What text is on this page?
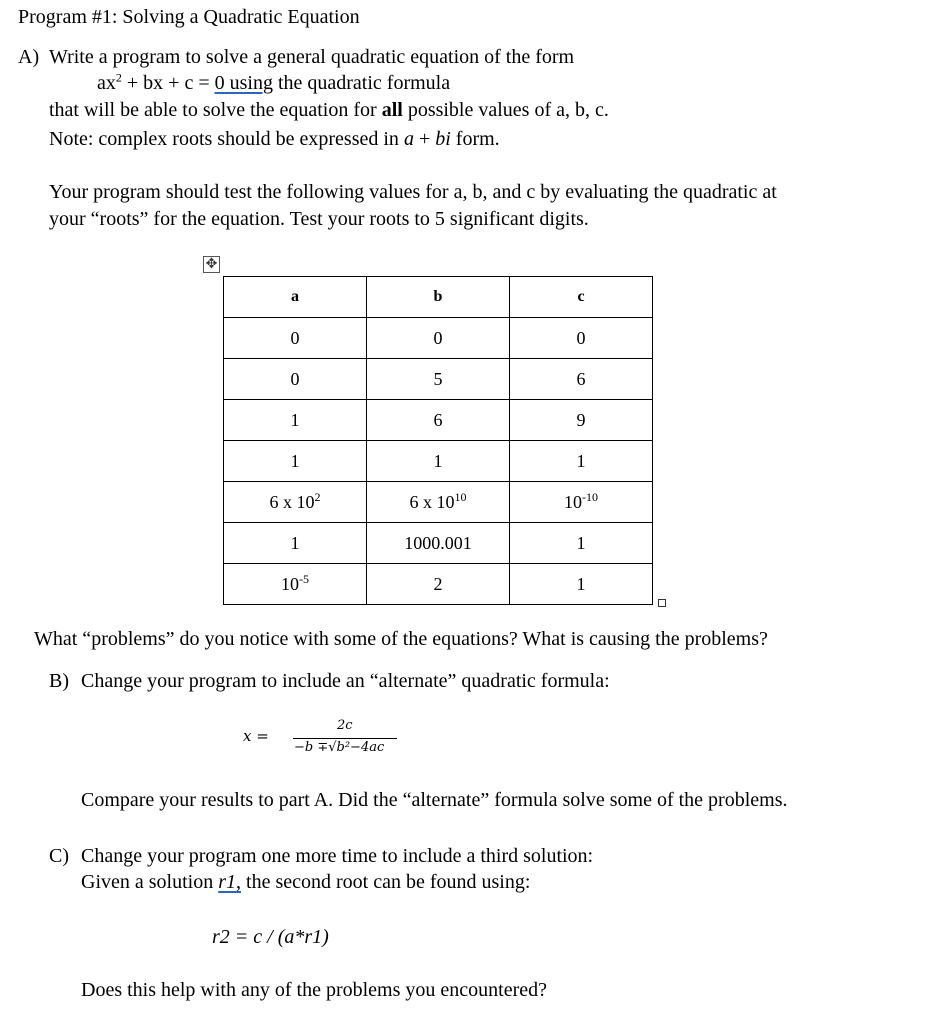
Program #1: Solving a Quadratic Equation
A) Write a program to solve a general quadratic equation of the form
$ax^2$ + bx + c = 0 using the quadratic formula
that will be able to solve the equation for all possible values of a, b, c.
Note: complex roots should be expressed in a + bi form.
Your program should test the following values for a, b, and c by evaluating the quadratic at
your “roots” for the equation. Test your roots to 5 significant digits.
✥
a	b	c
0	0	0
0	5	6
1	6	9
1	1	1
6 x $10^2$	6 x $10^{10}$	$10^{-10}$
1	1000.001	1
$10^{-5}$	2	1
What “problems” do you notice with some of the equations? What is causing the problems?
B) Change your program to include an “alternate” quadratic formula:
x =
2c
−b ∓√b²−4ac
Compare your results to part A. Did the “alternate” formula solve some of the problems.
C) Change your program one more time to include a third solution:
Given a solution r1, the second root can be found using:
r2 = c / (a*r1)
Does this help with any of the problems you encountered?
